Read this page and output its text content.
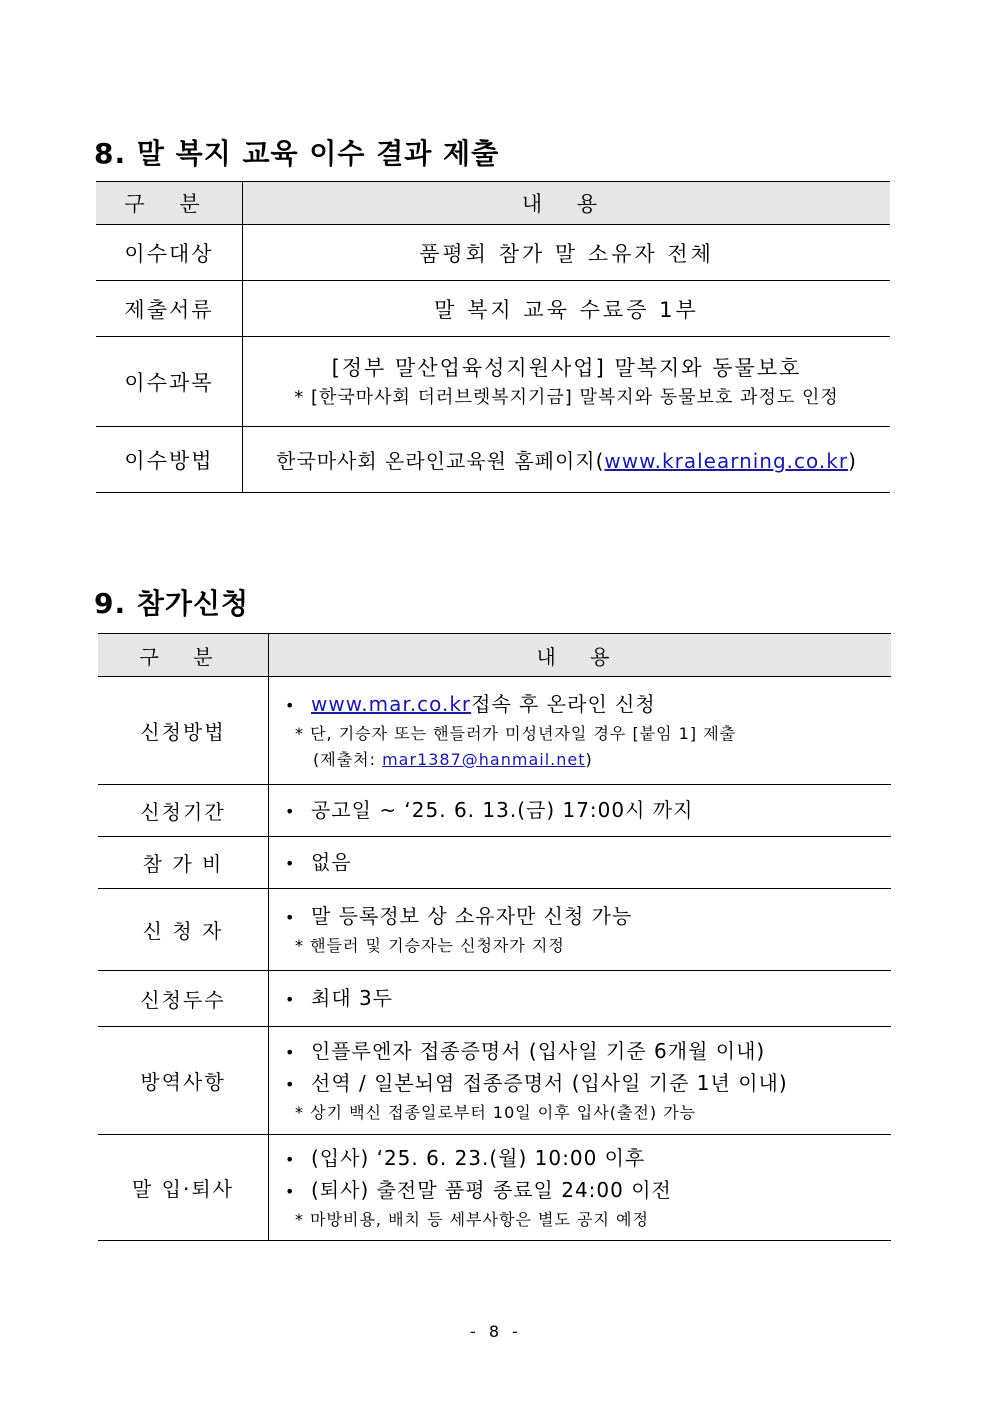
8. 말 복지 교육 이수 결과 제출
구 분	내 용
이수대상	품평회 참가 말 소유자 전체
제출서류	말 복지 교육 수료증 1부
이수과목	[정부 말산업육성지원사업] 말복지와 동물보호
* [한국마사회 더러브렛복지기금] 말복지와 동물보호 과정도 인정

이수방법	한국마사회 온라인교육원 홈페이지(www.kralearning.co.kr)
9. 참가신청
구 분	내 용
신청방법	• www.mar.co.kr 접속 후 온라인 신청
* 단, 기승자 또는 핸들러가 미성년자일 경우 [붙임 1] 제출
(제출처: mar1387@hanmail.net)

신청기간	• 공고일 ~ ‘25. 6. 13.(금) 17:00시 까지

참 가 비	• 없음

신 청 자	• 말 등록정보 상 소유자만 신청 가능
* 핸들러 및 기승자는 신청자가 지정

신청두수	• 최대 3두

방역사항	• 인플루엔자 접종증명서 (입사일 기준 6개월 이내)
• 선역 / 일본뇌염 접종증명서 (입사일 기준 1년 이내)
* 상기 백신 접종일로부터 10일 이후 입사(출전) 가능

말 입·퇴사	• (입사) ‘25. 6. 23.(월) 10:00 이후
• (퇴사) 출전말 품평 종료일 24:00 이전
* 마방비용, 배치 등 세부사항은 별도 공지 예정
- 8 -
